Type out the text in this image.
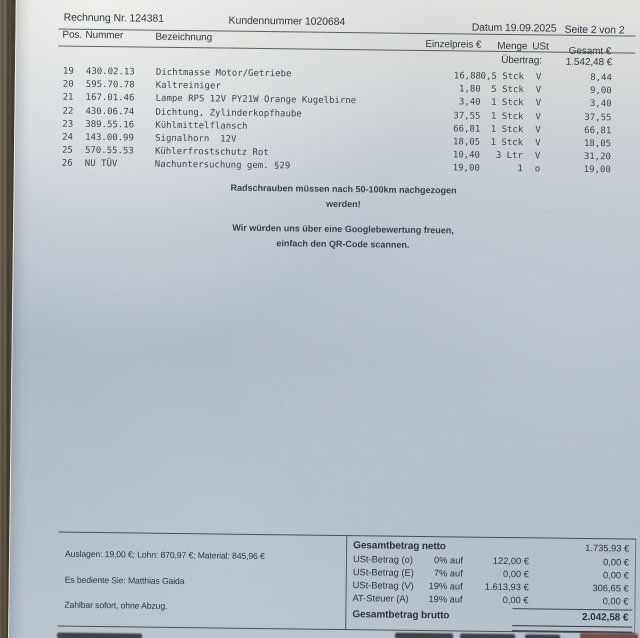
Rechnung Nr. 124381	Kundennummer 1020684
Datum 19.09.2025 Seite 2 von 2
Pos. Nummer	Bezeichnung
Einzelpreis € Menge USt	Gesamt €
Übertrag:	1.542,48 €
19 430.02.13 Dichtmasse Motor/Getriebe	16,88 0,5 Stck V	8,44
20 595.70.78 Kaltreiniger	1,80	5 Stck V	9,00
21 167.01.46 Lampe RPS 12V PY21W Orange Kugelbirne	3,40	1 Stck V	3,40
22 430.06.74 Dichtung, Zylinderkopfhaube	37,55	1 Stck V	37,55
23 389.55.16 Kühlmittelflansch	66,81	1 Stck V	66,81
24 143.00.99 Signalhorn  12V	18,05	1 Stck V	18,05
25 570.55.53 Kühlerfrostschutz Rot	10,40	3 Ltr V	31,20
26 NU TÜV	Nachuntersuchung gem. §29	19,00	1 o	19,00
Radschrauben müssen nach 50-100km nachgezogen
werden!
Wir würden uns über eine Googlebewertung freuen,
einfach den QR-Code scannen.
Auslagen: 19,00 €; Lohn: 870,97 €; Material: 845,96 €
Es bediente Sie: Matthias Gaida
Zahlbar sofort, ohne Abzug.
Gesamtbetrag netto	1.735,93 €
USt-Betrag (o)	0% auf	122,00 €	0,00 €
USt-Betrag (E)	7% auf	0,00 €	0,00 €
USt-Betrag (V)	19% auf	1.613,93 €	306,65 €
AT-Steuer (A)	19% auf	0,00 €	0,00 €
Gesamtbetrag brutto	2.042,58 €
